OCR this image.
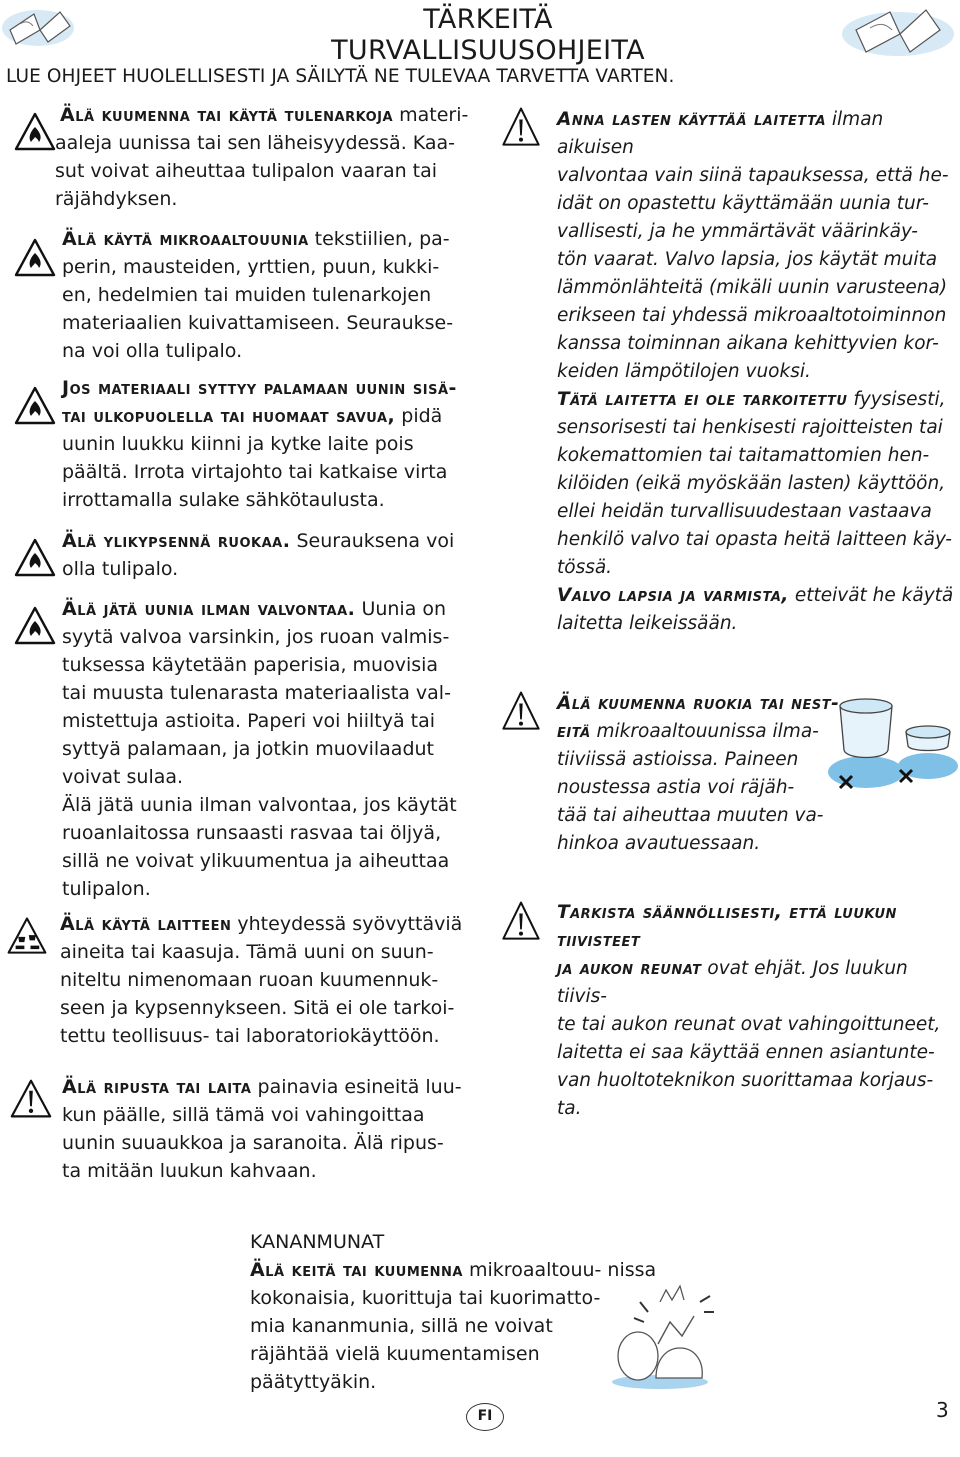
TÄRKEITÄ TURVALLISUUSOHJEITA
LUE OHJEET HUOLELLISESTI JA SÄILYTÄ NE TULEVAA TARVETTA VARTEN.
Älä kuumenna tai käytä tulenarkoja materi-
aaleja uunissa tai sen läheisyydessä. Kaa-
sut voivat aiheuttaa tulipalon vaaran tai
räjähdyksen.
Älä käytä mikroaaltouunia tekstiilien, pa-
perin, mausteiden, yrttien, puun, kukki-
en, hedelmien tai muiden tulenarkojen
materiaalien kuivattamiseen. Seurauksе-
na voi olla tulipalo.
Jos materiaali syttyy palamaan uunin sisä-
tai ulkopuolella tai huomaat savua, pidä
uunin luukku kiinni ja kytke laite pois
päältä. Irrota virtajohto tai katkaise virta
irrottamalla sulake sähkötaulusta.
Älä ylikypsennä ruokaa. Seurauksena voi
olla tulipalo.
Älä jätä uunia ilman valvontaa. Uunia on
syytä valvoa varsinkin, jos ruoan valmis-
tuksessa käytetään paperisia, muovisia
tai muusta tulenarasta materiaalista val-
mistettuja astioita. Paperi voi hiiltyä tai
syttyä palamaan, ja jotkin muovilaadut
voivat sulaa.
Älä jätä uunia ilman valvontaa, jos käytät
ruoanlaitossa runsaasti rasvaa tai öljyä,
sillä ne voivat ylikuumentua ja aiheuttaa
tulipalon.
Älä käytä laitteen yhteydessä syövyttäviä
aineita tai kaasuja. Tämä uuni on suun-
niteltu nimenomaan ruoan kuumennuk-
seen ja kypsennykseen. Sitä ei ole tarkoi-
tettu teollisuus- tai laboratoriokäyttöön.
Älä ripusta tai laita painavia esineitä luu-
kun päälle, sillä tämä voi vahingoittaa
uunin suuaukkoa ja saranoita. Älä ripus-
ta mitään luukun kahvaan.
Anna lasten käyttää laitetta ilman aikuisen
valvontaa vain siinä tapauksessa, että he-
idät on opastettu käyttämään uunia tur-
vallisesti, ja he ymmärtävät väärinkäy-
tön vaarat. Valvo lapsia, jos käytät muita
lämmönlähteitä (mikäli uunin varusteena)
erikseen tai yhdessä mikroaaltotoiminnon
kanssa toiminnan aikana kehittyvien kor-
keiden lämpötilojen vuoksi.
Tätä laitetta ei ole tarkoitettu fyysisesti,
sensorisesti tai henkisesti rajoitteisten tai
kokemattomien tai taitamattomien hen-
kilöiden (eikä myöskään lasten) käyttöön,
ellei heidän turvallisuudestaan vastaava
henkilö valvo tai opasta heitä laitteen käy-
tössä.
Valvo lapsia ja varmista, etteivät he käytä
laitetta leikeissään.
Älä kuumenna ruokia tai nest-
eitä mikroaaltouunissa ilma-
tiiviissä astioissa. Paineen
noustessa astia voi räjäh-
tää tai aiheuttaa muuten va-
hinkoa avautuessaan.
Tarkista säännöllisesti, että luukun tiivisteet
ja aukon reunat ovat ehjät. Jos luukun tiivis-
te tai aukon reunat ovat vahingoittuneet,
laitetta ei saa käyttää ennen asiantunte-
van huoltoteknikon suorittamaa korjaus-
ta.
KANANMUNAT
Älä keitä tai kuumenna mikroaaltouu- nissa
kokonaisia, kuorittuja tai kuorimatto-
mia kananmunia, sillä ne voivat
räjähtää vielä kuumentamisen
päätyttyäkin.
FI	3
